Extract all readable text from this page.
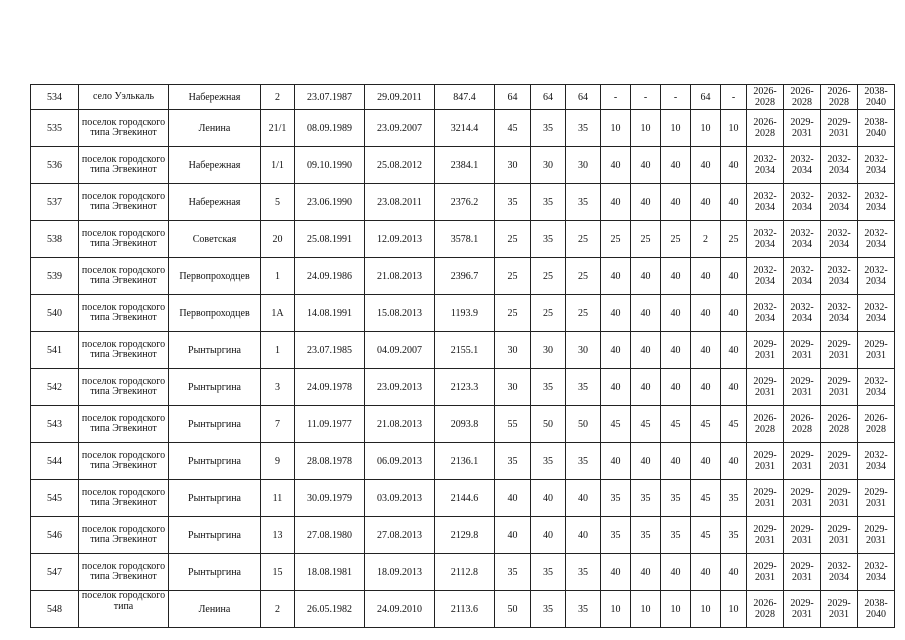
534	село Уэлькаль	Набережная	2	23.07.1987	29.09.2011	847.4	64	64	64	-	-	-	64	-	2026-2028	2026-2028	2026-2028	2038-2040
535	поселок городского типа Эгвекинот	Ленина	21/1	08.09.1989	23.09.2007	3214.4	45	35	35	10	10	10	10	10	2026-2028	2029-2031	2029-2031	2038-2040
536	поселок городского типа Эгвекинот	Набережная	1/1	09.10.1990	25.08.2012	2384.1	30	30	30	40	40	40	40	40	2032-2034	2032-2034	2032-2034	2032-2034
537	поселок городского типа Эгвекинот	Набережная	5	23.06.1990	23.08.2011	2376.2	35	35	35	40	40	40	40	40	2032-2034	2032-2034	2032-2034	2032-2034
538	поселок городского типа Эгвекинот	Советская	20	25.08.1991	12.09.2013	3578.1	25	35	25	25	25	25	2	25	2032-2034	2032-2034	2032-2034	2032-2034
539	поселок городского типа Эгвекинот	Первопроходцев	1	24.09.1986	21.08.2013	2396.7	25	25	25	40	40	40	40	40	2032-2034	2032-2034	2032-2034	2032-2034
540	поселок городского типа Эгвекинот	Первопроходцев	1А	14.08.1991	15.08.2013	1193.9	25	25	25	40	40	40	40	40	2032-2034	2032-2034	2032-2034	2032-2034
541	поселок городского типа Эгвекинот	Рынтыргина	1	23.07.1985	04.09.2007	2155.1	30	30	30	40	40	40	40	40	2029-2031	2029-2031	2029-2031	2029-2031
542	поселок городского типа Эгвекинот	Рынтыргина	3	24.09.1978	23.09.2013	2123.3	30	35	35	40	40	40	40	40	2029-2031	2029-2031	2029-2031	2032-2034
543	поселок городского типа Эгвекинот	Рынтыргина	7	11.09.1977	21.08.2013	2093.8	55	50	50	45	45	45	45	45	2026-2028	2026-2028	2026-2028	2026-2028
544	поселок городского типа Эгвекинот	Рынтыргина	9	28.08.1978	06.09.2013	2136.1	35	35	35	40	40	40	40	40	2029-2031	2029-2031	2029-2031	2032-2034
545	поселок городского типа Эгвекинот	Рынтыргина	11	30.09.1979	03.09.2013	2144.6	40	40	40	35	35	35	45	35	2029-2031	2029-2031	2029-2031	2029-2031
546	поселок городского типа Эгвекинот	Рынтыргина	13	27.08.1980	27.08.2013	2129.8	40	40	40	35	35	35	45	35	2029-2031	2029-2031	2029-2031	2029-2031
547	поселок городского типа Эгвекинот	Рынтыргина	15	18.08.1981	18.09.2013	2112.8	35	35	35	40	40	40	40	40	2029-2031	2029-2031	2032-2034	2032-2034
548	поселок городского типа	Ленина	2	26.05.1982	24.09.2010	2113.6	50	35	35	10	10	10	10	10	2026-2028	2029-2031	2029-2031	2038-2040
